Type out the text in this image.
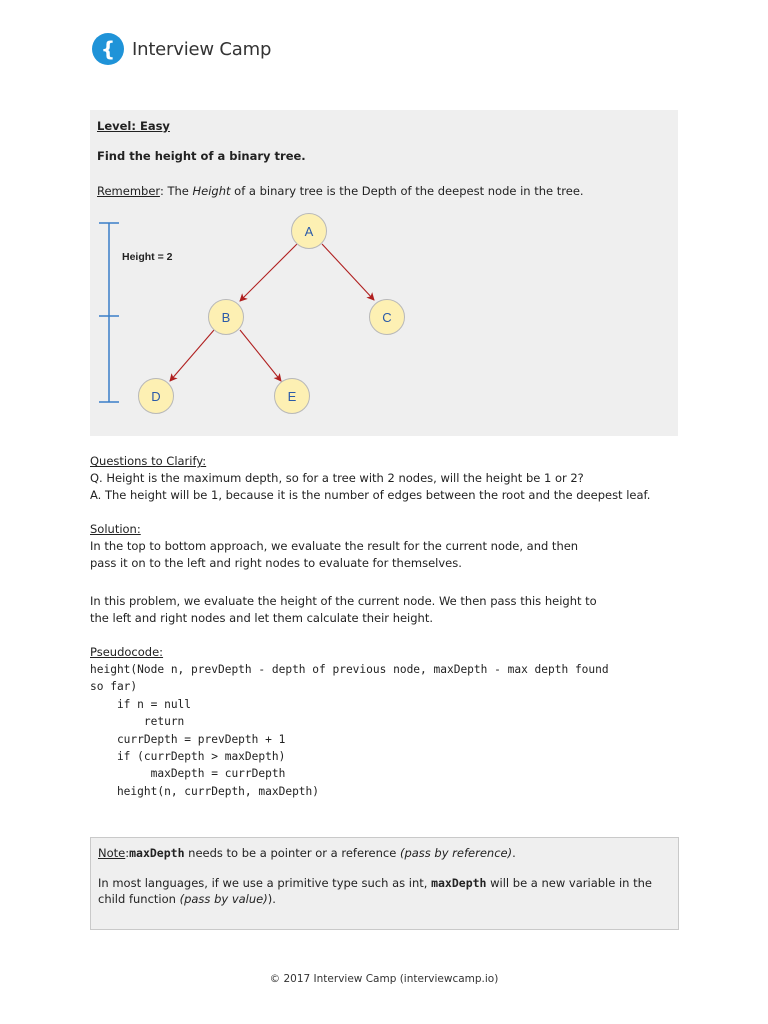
{ Interview Camp
Level: Easy
Find the height of a binary tree.
Remember: The Height of a binary tree is the Depth of the deepest node in the tree.
Height = 2
A
B	C
D	E
Questions to Clarify:
Q. Height is the maximum depth, so for a tree with 2 nodes, will the height be 1 or 2?
A. The height will be 1, because it is the number of edges between the root and the deepest leaf.
Solution:
In the top to bottom approach, we evaluate the result for the current node, and then
pass it on to the left and right nodes to evaluate for themselves.
In this problem, we evaluate the height of the current node. We then pass this height to
the left and right nodes and let them calculate their height.
Pseudocode:
height(Node n, prevDepth - depth of previous node, maxDepth - max depth found
so far)
if n = null
return
currDepth = prevDepth + 1
if (currDepth > maxDepth)
maxDepth = currDepth
height(n, currDepth, maxDepth)
Note:maxDepth needs to be a pointer or a reference (pass by reference).
In most languages, if we use a primitive type such as int, maxDepth will be a new variable in the child function (pass by value)).
© 2017 Interview Camp (interviewcamp.io)
